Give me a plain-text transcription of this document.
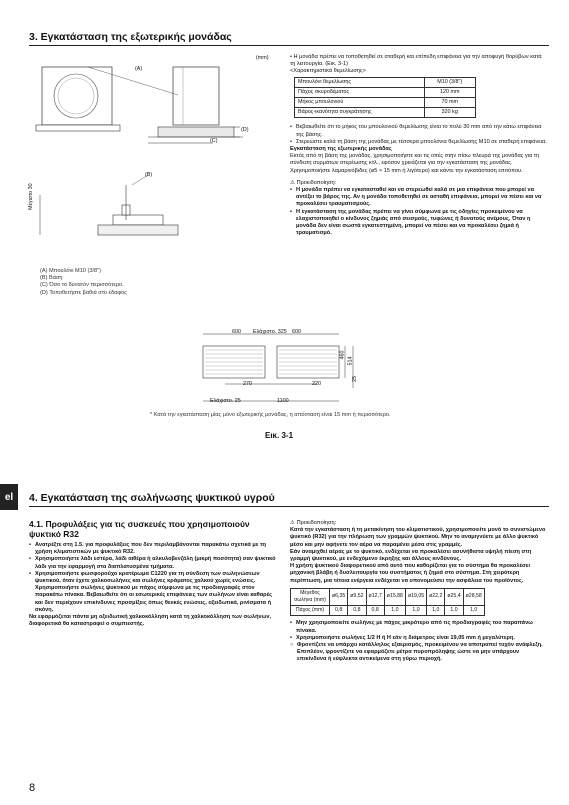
3. Εγκατάσταση της εξωτερικής μονάδας
(mm)
(A)
(B)
(C)
(D)
Μέγιστο 30
(A) Μπουλόνι M10 (3/8")
(B) Βάση
(C) Όσο το δυνατόν περισσότερο.
(D) Τοποθετήστε βαθιά στο έδαφος
• Η μονάδα πρέπει να τοποθετηθεί σε σταθερή και επίπεδη επιφάνεια για την αποφυγή θορύβων κατά τη λειτουργία. (Εικ. 3-1)
<Χαρακτηριστικά θεμελίωσης>
Μπουλόνι θεμελίωσης	M10 (3/8")
Πάχος σκυροδέματος	120 mm
Μήκος μπουλονιού	70 mm
Βάρος-ικανότητα συγκράτησης	320 kg
• Βεβαιωθείτε ότι το μήκος του μπουλονιού θεμελίωσης είναι το πολύ 30 mm από την κάτω επιφάνεια της βάσης.
• Στερεώστε καλά τη βάση της μονάδας με τέσσερα μπουλόνια θεμελίωσης M10 σε σταθερή επιφάνεια.
Εγκατάσταση της εξωτερικής μονάδας
Εκτός από τη βάση της μονάδας, χρησιμοποιήστε και τις οπές στην πίσω πλευρά της μονάδας για τη σύνδεση συρμάτων στερέωσης κτλ., εφόσον χρειάζεται για την εγκατάσταση της μονάδας. Χρησιμοποιήστε λαμαρινόβιδες (ø5 × 15 mm ή λιγότερο) και κάντε την εγκατάσταση επιτόπου.
⚠ Προειδοποίηση:
• Η μονάδα πρέπει να εγκατασταθεί και να στερεωθεί καλά σε μια επιφάνεια που μπορεί να αντέξει το βάρος της. Αν η μονάδα τοποθετηθεί σε ασταθή επιφάνεια, μπορεί να πέσει και να προκαλέσει τραυματισμούς.
• Η εγκατάσταση της μονάδας πρέπει να γίνει σύμφωνα με τις οδηγίες προκειμένου να ελαχιστοποιηθεί ο κίνδυνος ζημιάς από σεισμούς, τυφώνες ή δυνατούς ανέμους. Όταν η μονάδα δεν είναι σωστά εγκατεστημένη, μπορεί να πέσει και να προκαλέσει ζημιά ή τραυματισμό.
600 Ελάχιστο. 325 600
460
514
270	220
25
Ελάχιστο. 25	1100
* Κατά την εγκατάσταση μίας μόνο εξωτερικής μονάδας, η απόσταση είναι 15 mm ή περισσότερο.
Εικ. 3-1
el	4. Εγκατάσταση της σωλήνωσης ψυκτικού υγρού
4.1. Προφυλάξεις για τις συσκευές που χρησιμοποιούν ψυκτικό R32
• Ανατρέξτε στη 1.5. για προφυλάξεις που δεν περιλαμβάνονται παρακάτω σχετικά με τη χρήση κλιματιστικών με ψυκτικό R32.
• Χρησιμοποιήστε λάδι εστέρα, λάδι αιθέρα ή αλκυλοβενζόλη (μικρή ποσότητα) σαν ψυκτικό λάδι για την εφαρμογή στα διαπλατυσμένα τμήματα.
• Χρησιμοποιήστε φωσφορούχο κρατέρωμα C1220 για τη σύνδεση των σωληνώσεων ψυκτικού, όταν έχετε χαλκοσωλήνες και σωλήνες κράματος χαλκού χωρίς ενώσεις. Χρησιμοποιήστε σωλήνες ψυκτικού με πάχος σύμφωνα με τις προδιαγραφές στον παρακάτω πίνακα. Βεβαιωθείτε ότι οι εσωτερικές επιφάνειες των σωλήνων είναι καθαρές και δεν περιέχουν επικίνδυνες προσμίξεις όπως θειικές ενώσεις, οξειδωτικά, ρινίσματα ή σκόνη.
Να εφαρμόζεται πάντα μη οξειδωτική χαλκοκόλληση κατά τη χαλκοκόλληση των σωλήνων, διαφορετικά θα καταστραφεί ο συμπιεστής.
⚠ Προειδοποίηση:
Κατά την εγκατάσταση ή τη μετακίνηση του κλιματιστικού, χρησιμοποιείτε μονό το συνιστώμενο ψυκτικό (R32) για την πλήρωση των γραμμών ψυκτικού. Μην το αναμιγνύετε με άλλο ψυκτικό μέσο και μην αφήνετε τον αέρα να παραμένει μέσα στις γραμμές.
Εάν αναμιχθεί αέρας με το ψυκτικό, ενδέχεται να προκαλέσει ασυνήθιστα υψηλή πίεση στη γραμμή ψυκτικού, με ενδεχόμενο έκρηξης και άλλους κινδύνους.
Η χρήση ψυκτικού διαφορετικού από αυτό που καθορίζεται για το σύστημα θα προκαλέσει μηχανική βλάβη ή δυσλειτουργία του συστήματος ή ζημιά στο σύστημα. Στη χειρότερη περίπτωση, μια τέτοια ενέργεια ενδέχεται να υπονομεύσει την ασφάλεια του προϊόντος.
Μέγεθος σωλήνα (mm)	ø6,35	ø9,52	ø12,7	ø15,88	ø19,05	ø22,2	ø25,4	ø28,58
Πάχος (mm)	0,8	0,8	0,8	1,0	1,0	1,0	1,0	1,0
• Μην χρησιμοποιείτε σωλήνες με πάχος μικρότερο από τις προδιαγραφές του παραπάνω πίνακα.
• Χρησιμοποιήστε σωλήνες 1/2 H ή H εάν η διάμετρος είναι 19,05 mm ή μεγαλύτερη.
○ Φροντίζετε να υπάρχει κατάλληλος εξαερισμός, προκειμένου να αποτραπεί τυχόν ανάφλεξη. Επιπλέον, φροντίζετε να εφαρμόζετε μέτρα πυροπρόληψης ώστε να μην υπάρχουν επικίνδυνα ή εύφλεκτα αντικείμενα στη γύρω περιοχή.
8
